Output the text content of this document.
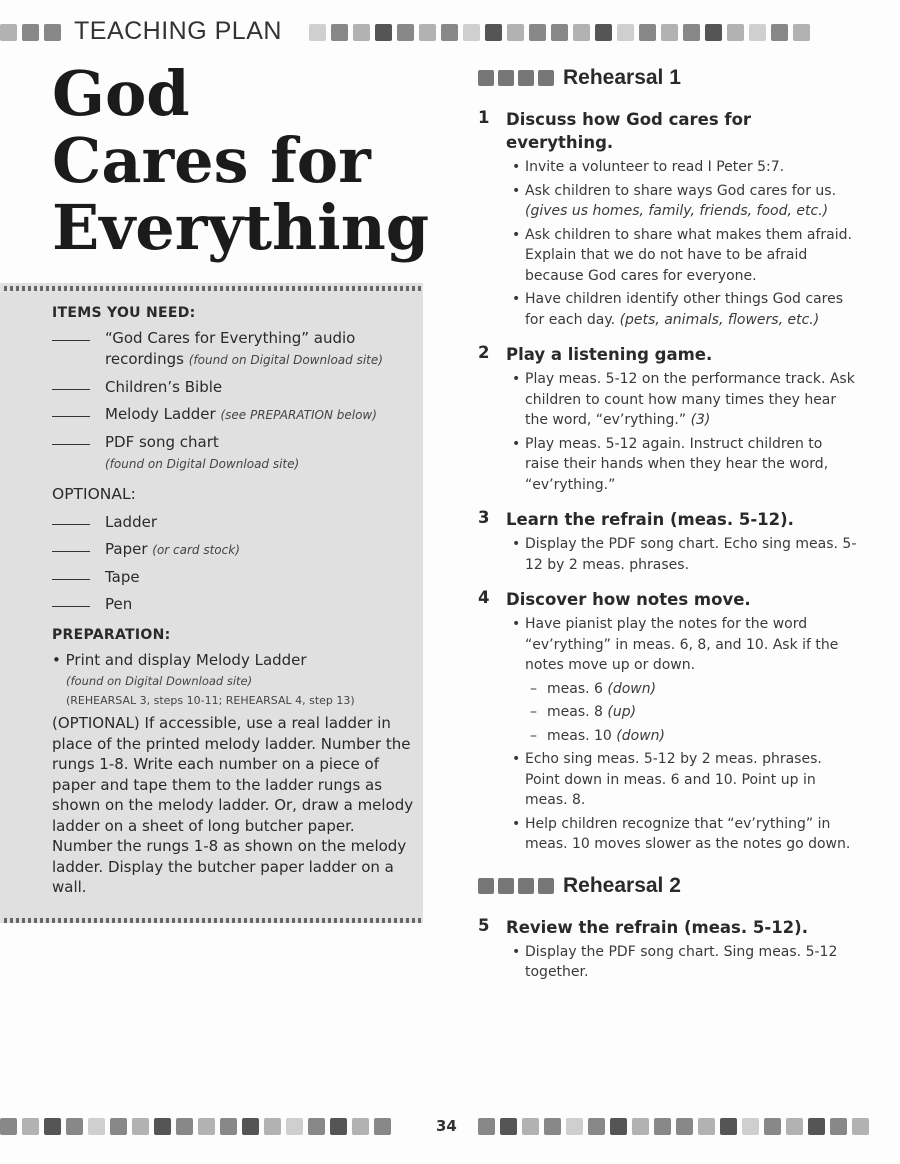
TEACHING PLAN
God
Cares for
Everything
ITEMS YOU NEED:
“God Cares for Everything” audio recordings (found on Digital Download site)
Children’s Bible
Melody Ladder (see PREPARATION below)
PDF song chart
(found on Digital Download site)
OPTIONAL:
Ladder
Paper (or card stock)
Tape
Pen
PREPARATION:
• Print and display Melody Ladder
(found on Digital Download site)
(REHEARSAL 3, steps 10-11; REHEARSAL 4, step 13)
(OPTIONAL) If accessible, use a real ladder in place of the printed melody ladder. Number the rungs 1-8. Write each number on a piece of paper and tape them to the ladder rungs as shown on the melody ladder. Or, draw a melody ladder on a sheet of long butcher paper. Number the rungs 1-8 as shown on the melody ladder. Display the butcher paper ladder on a wall.
Rehearsal 1
1	Discuss how God cares for everything.
• Invite a volunteer to read I Peter 5:7.
• Ask children to share ways God cares for us. (gives us homes, family, friends, food, etc.)
• Ask children to share what makes them afraid. Explain that we do not have to be afraid because God cares for everyone.
• Have children identify other things God cares for each day. (pets, animals, flowers, etc.)
2	Play a listening game.
• Play meas. 5-12 on the performance track. Ask children to count how many times they hear the word, “ev’rything.” (3)
• Play meas. 5-12 again. Instruct children to raise their hands when they hear the word, “ev’rything.”
3	Learn the refrain (meas. 5-12).
• Display the PDF song chart. Echo sing meas. 5-12 by 2 meas. phrases.
4	Discover how notes move.
• Have pianist play the notes for the word “ev’rything” in meas. 6, 8, and 10. Ask if the notes move up or down.
– meas. 6 (down)
– meas. 8 (up)
– meas. 10 (down)
• Echo sing meas. 5-12 by 2 meas. phrases. Point down in meas. 6 and 10. Point up in meas. 8.
• Help children recognize that “ev’rything” in meas. 10 moves slower as the notes go down.
Rehearsal 2
5	Review the refrain (meas. 5-12).
• Display the PDF song chart. Sing meas. 5-12 together.
34
